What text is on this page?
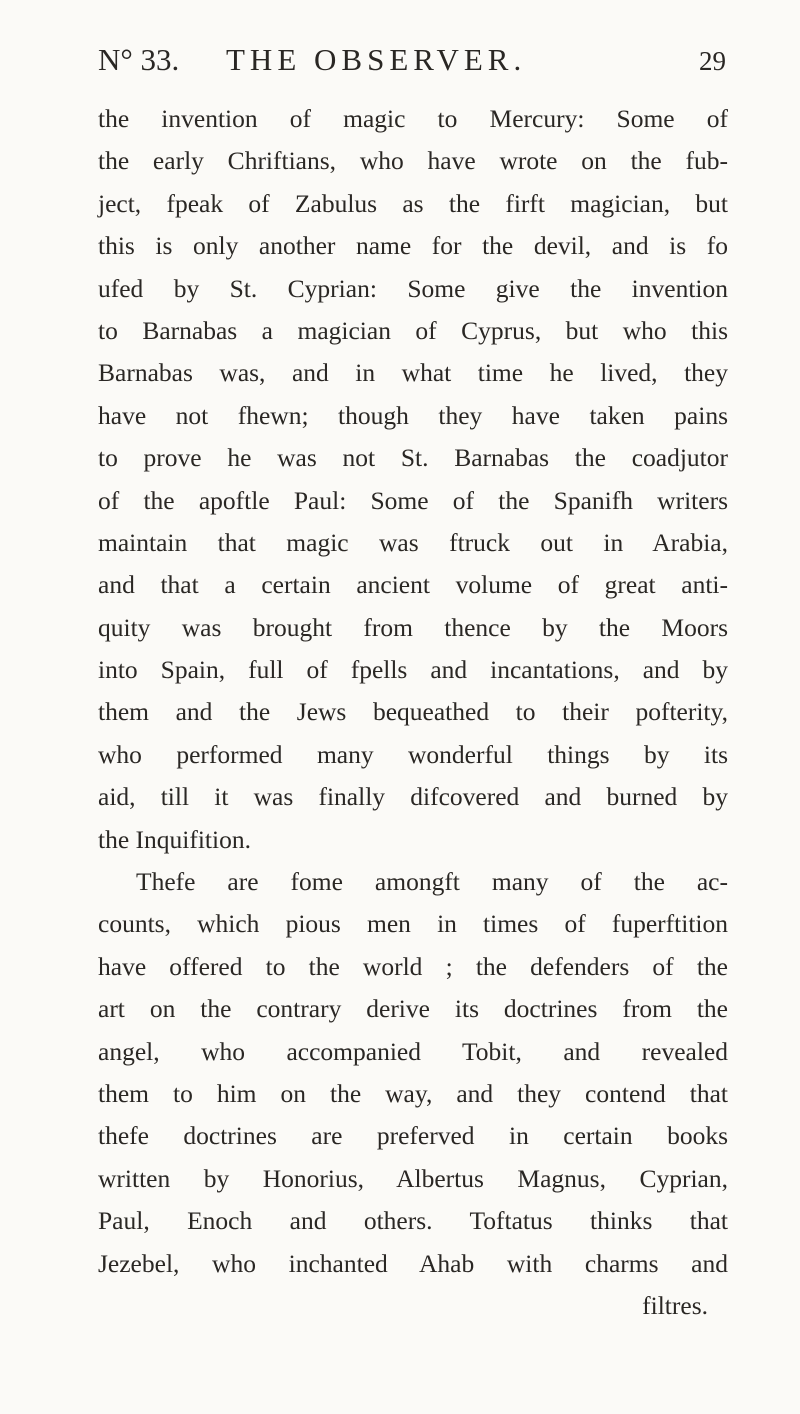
N° 33. THE OBSERVER.	29
the invention of magic to Mercury: Some of
the early Chriftians, who have wrote on the fub-
ject, fpeak of Zabulus as the firft magician, but
this is only another name for the devil, and is fo
ufed by St. Cyprian: Some give the invention
to Barnabas a magician of Cyprus, but who this
Barnabas was, and in what time he lived, they
have not fhewn; though they have taken pains
to prove he was not St. Barnabas the coadjutor
of the apoftle Paul: Some of the Spanifh writers
maintain that magic was ftruck out in Arabia,
and that a certain ancient volume of great anti-
quity was brought from thence by the Moors
into Spain, full of fpells and incantations, and by
them and the Jews bequeathed to their pofterity,
who performed many wonderful things by its
aid, till it was finally difcovered and burned by
the Inquifition.
Thefe are fome amongft many of the ac-
counts, which pious men in times of fuperftition
have offered to the world ; the defenders of the
art on the contrary derive its doctrines from the
angel, who accompanied Tobit, and revealed
them to him on the way, and they contend that
thefe doctrines are preferved in certain books
written by Honorius, Albertus Magnus, Cyprian,
Paul, Enoch and others. Toftatus thinks that
Jezebel, who inchanted Ahab with charms and
filtres.
